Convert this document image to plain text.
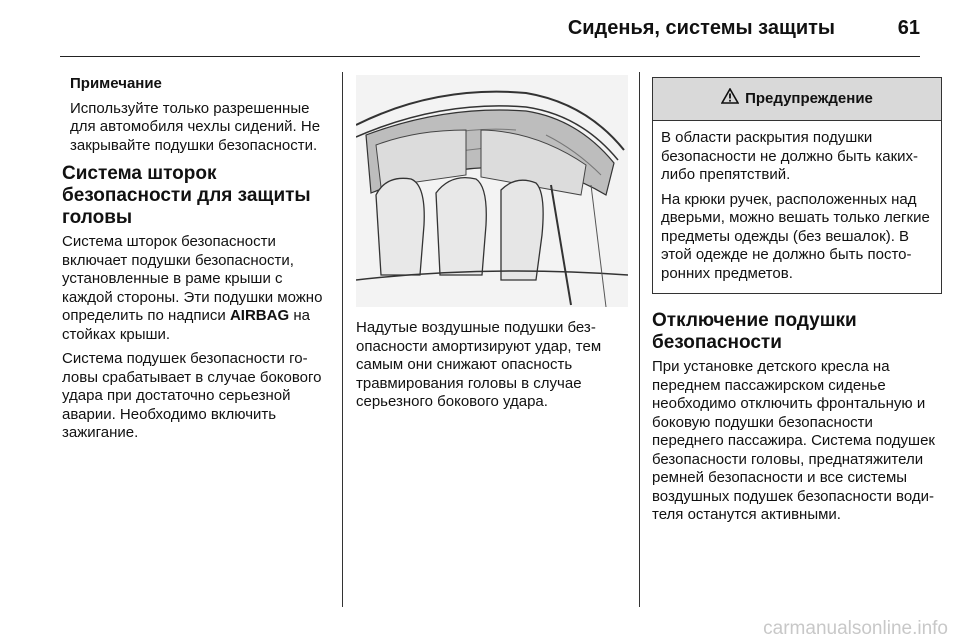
Сиденья, системы защиты	61

Примечание

Используйте только разрешенные для автомобиля чехлы сидений. Не закрывайте подушки безопасности.

Система шторок безопасности для защиты головы

Система шторок безопасности включает подушки безопасности, установленные в раме крыши с каждой стороны. Эти подушки можно определить по надписи AIRBAG на стойках крыши.

Система подушек безопасности головы срабатывает в случае бокового удара при достаточно серьезной аварии. Необходимо включить зажигание.

Надутые воздушные подушки безопасности амортизируют удар, тем самым они снижают опасность травмирования головы в случае серьезного бокового удара.

Предупреждение

В области раскрытия подушки безопасности не должно быть каких-либо препятствий.

На крюки ручек, расположенных над дверьми, можно вешать только легкие предметы одежды (без вешалок). В этой одежде не должно быть посторонних предметов.

Отключение подушки безопасности

При установке детского кресла на переднем пассажирском сиденье необходимо отключить фронтальную и боковую подушки безопасности переднего пассажира. Система подушек безопасности головы, преднатяжители ремней безопасности и все системы воздушных подушек безопасности водителя останутся активными.

carmanualsonline.info
